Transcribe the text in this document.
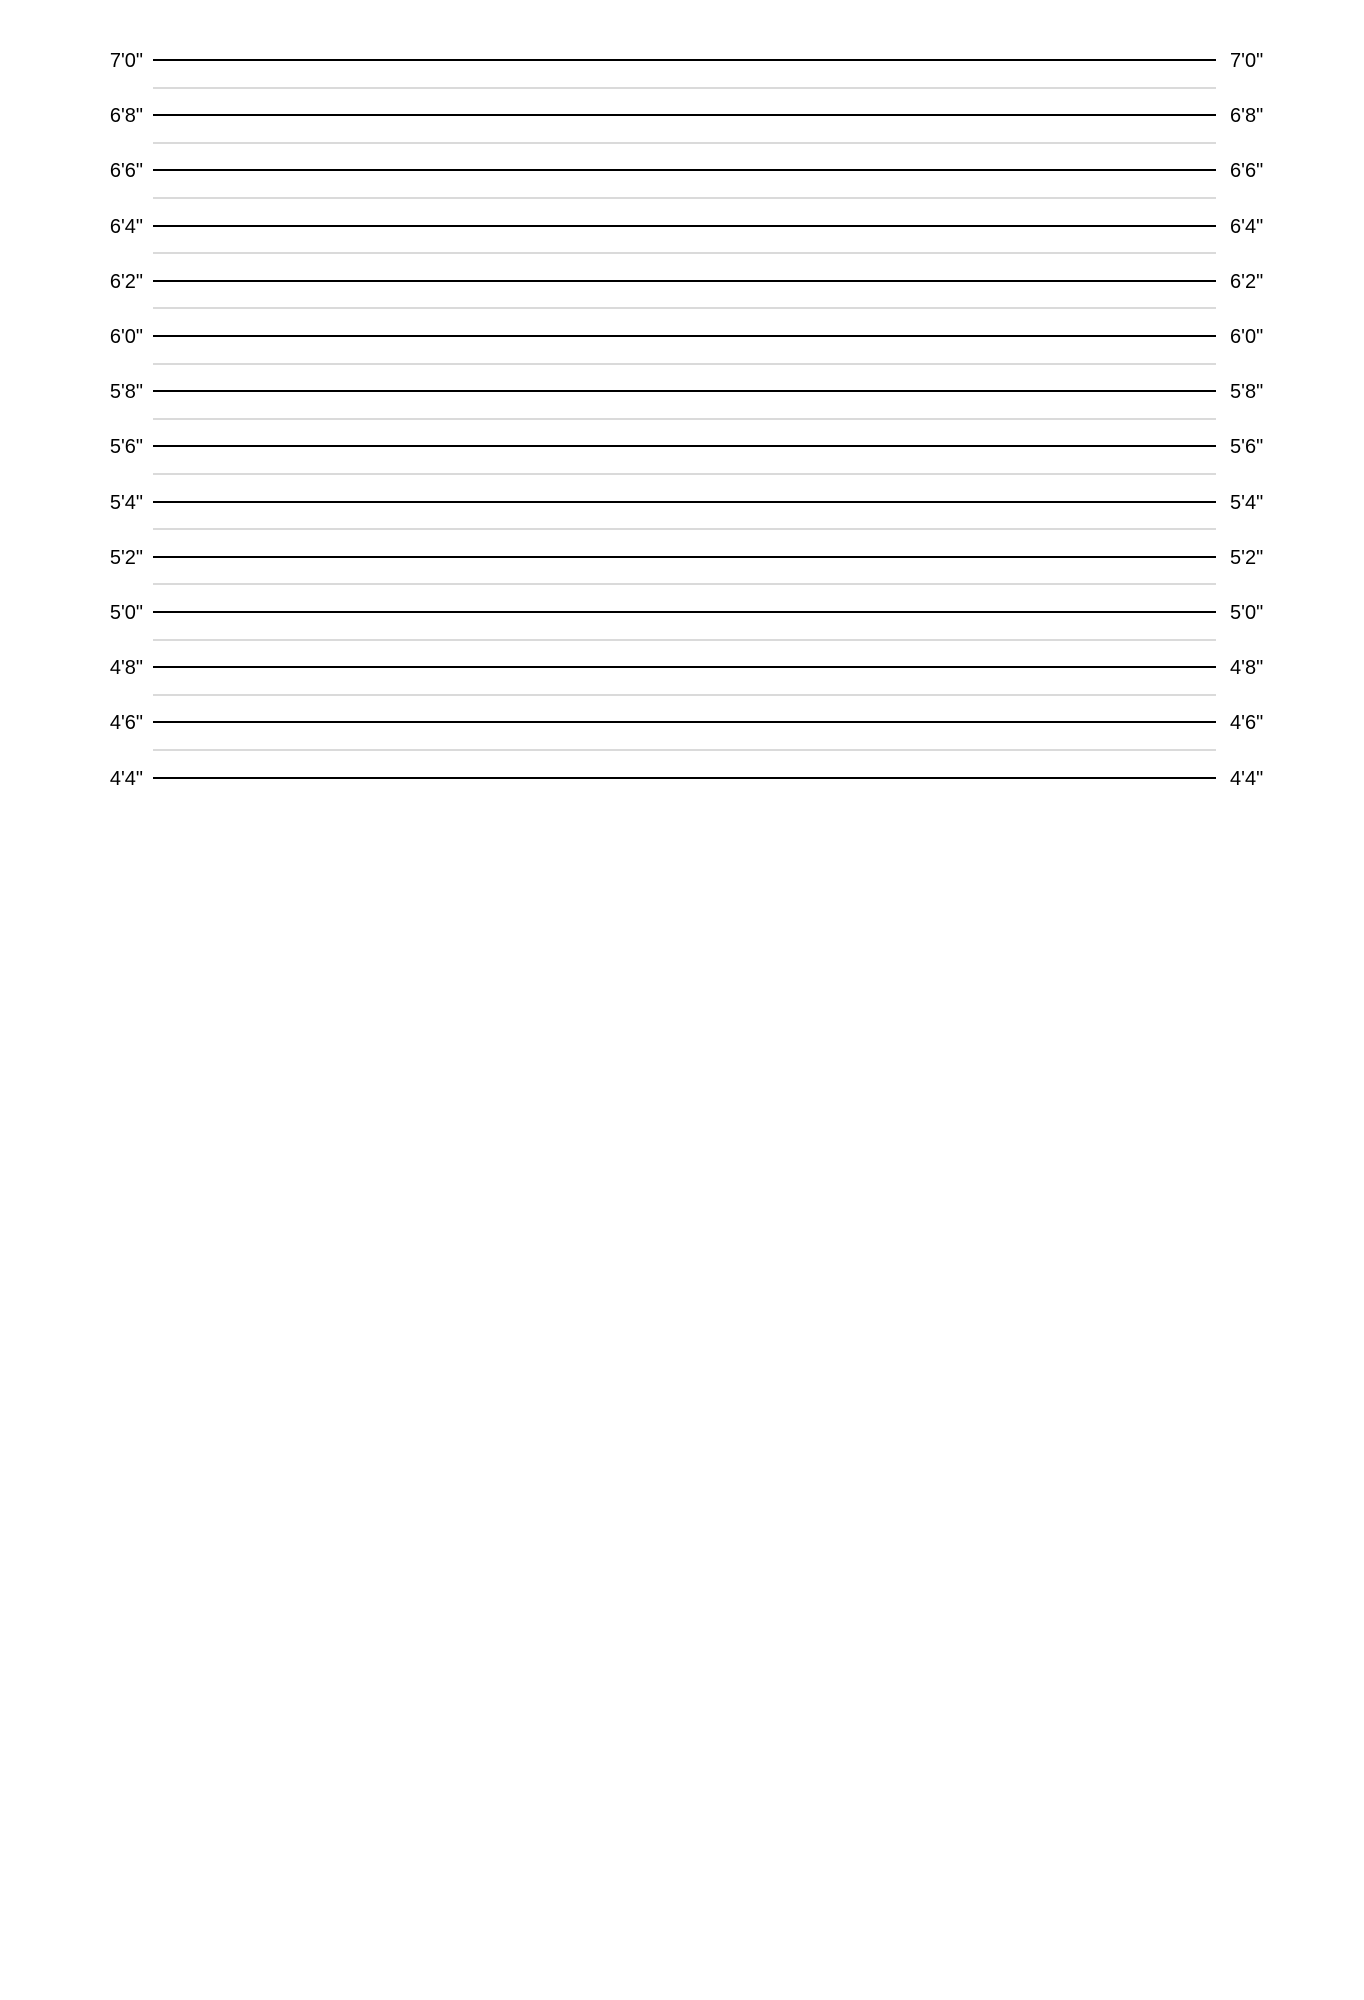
7'0"	7'0"
6'8"	6'8"
6'6"	6'6"
6'4"	6'4"
6'2"	6'2"
6'0"	6'0"
5'8"	5'8"
5'6"	5'6"
5'4"	5'4"
5'2"	5'2"
5'0"	5'0"
4'8"	4'8"
4'6"	4'6"
4'4"	4'4"
